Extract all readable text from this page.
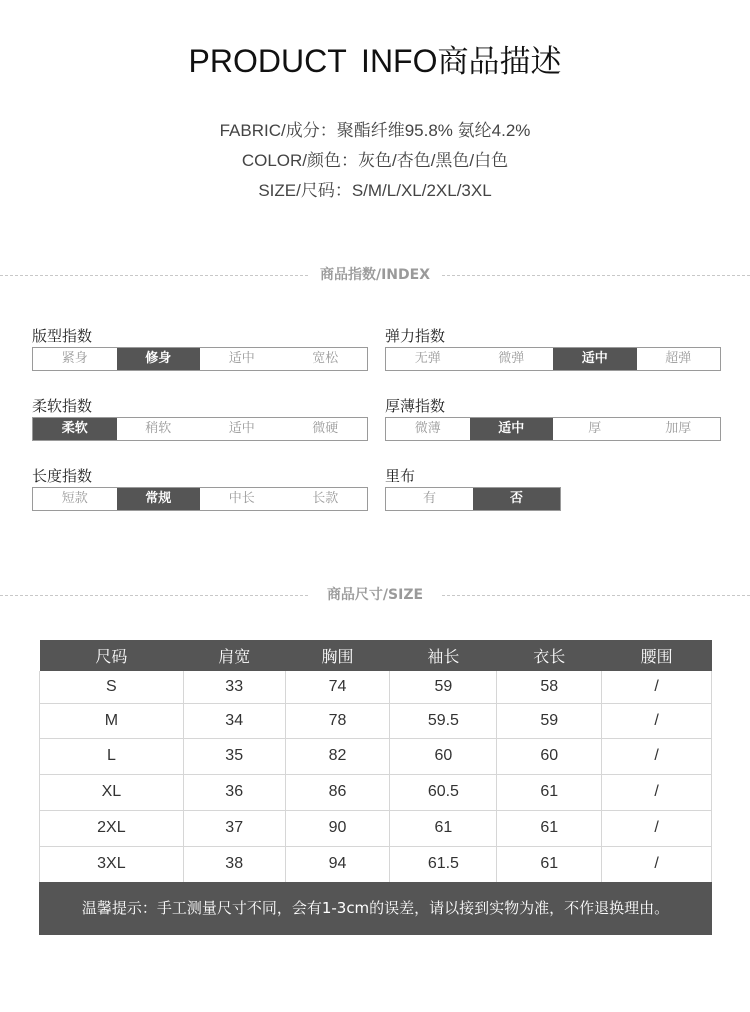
PRODUCT INFO商品描述
FABRIC/成分：聚酯纤维95.8% 氨纶4.2%
COLOR/颜色：灰色/杏色/黑色/白色
SIZE/尺码：S/M/L/XL/2XL/3XL
商品指数/INDEX
版型指数
紧身	修身	适中	宽松
弹力指数
无弹	微弹	适中	超弹
柔软指数
柔软	稍软	适中	微硬
厚薄指数
微薄	适中	厚	加厚
长度指数
短款	常规	中长	长款
里布
有	否
商品尺寸/SIZE
尺码	肩宽	胸围	袖长	衣长	腰围
S	33	74	59	58	/
M	34	78	59.5	59	/
L	35	82	60	60	/
XL	36	86	60.5	61	/
2XL	37	90	61	61	/
3XL	38	94	61.5	61	/
温馨提示：手工测量尺寸不同，会有1-3cm的误差，请以接到实物为准，不作退换理由。
